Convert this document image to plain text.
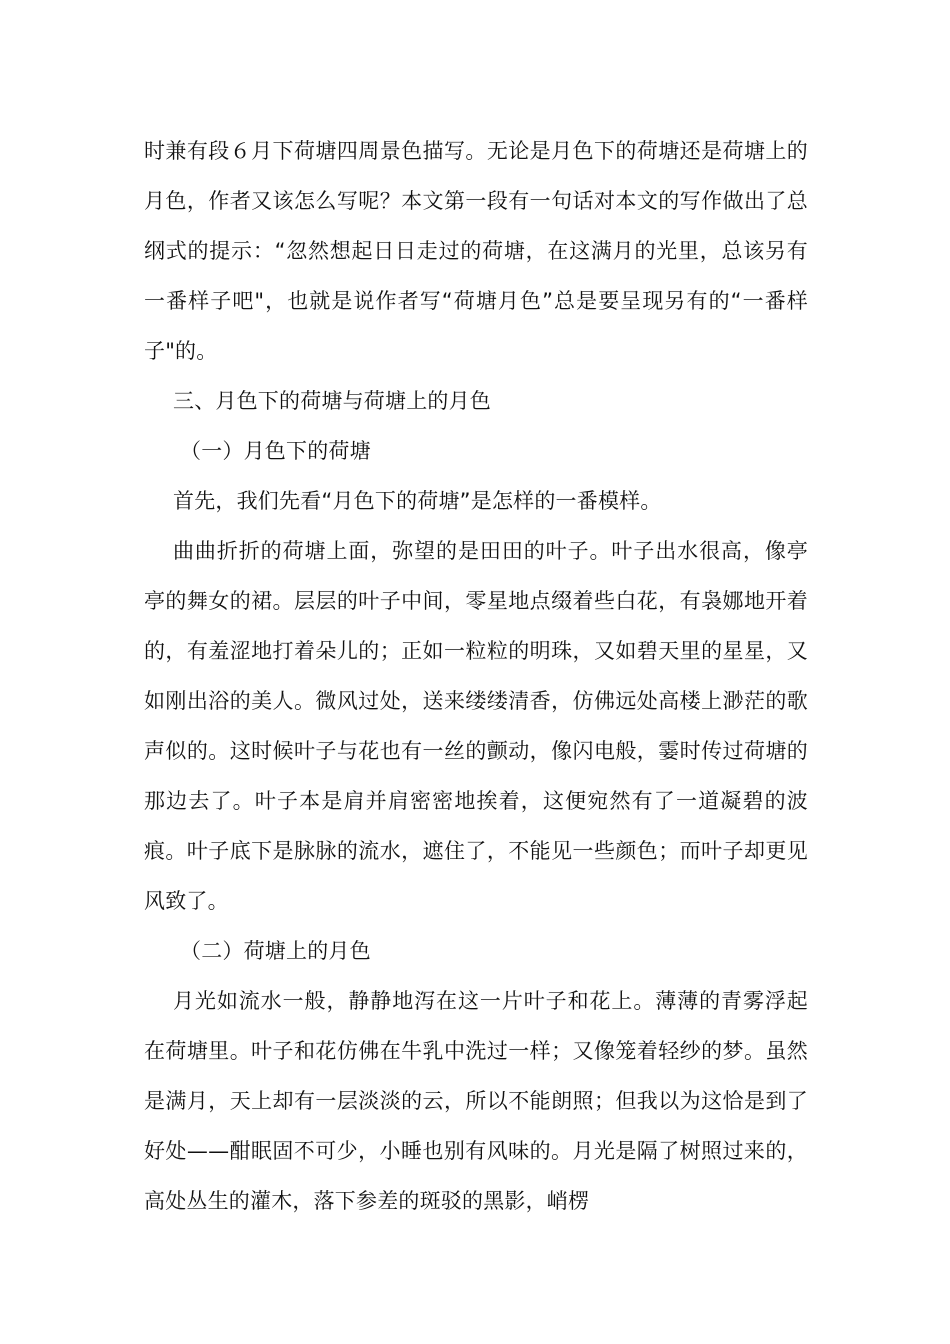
时兼有段６月下荷塘四周景色描写。无论是月色下的荷塘还是荷塘上的月色，作者又该怎么写呢？本文第一段有一句话对本文的写作做出了总纲式的提示：“忽然想起日日走过的荷塘，在这满月的光里，总该另有一番样子吧"，也就是说作者写“荷塘月色”总是要呈现另有的“一番样子"的。

三、月色下的荷塘与荷塘上的月色

（一）月色下的荷塘

首先，我们先看“月色下的荷塘”是怎样的一番模样。

曲曲折折的荷塘上面，弥望的是田田的叶子。叶子出水很高，像亭亭的舞女的裙。层层的叶子中间，零星地点缀着些白花，有袅娜地开着的，有羞涩地打着朵儿的；正如一粒粒的明珠，又如碧天里的星星，又如刚出浴的美人。微风过处，送来缕缕清香，仿佛远处高楼上渺茫的歌声似的。这时候叶子与花也有一丝的颤动，像闪电般，霎时传过荷塘的那边去了。叶子本是肩并肩密密地挨着，这便宛然有了一道凝碧的波痕。叶子底下是脉脉的流水，遮住了，不能见一些颜色；而叶子却更见风致了。

（二）荷塘上的月色

月光如流水一般，静静地泻在这一片叶子和花上。薄薄的青雾浮起在荷塘里。叶子和花仿佛在牛乳中洗过一样；又像笼着轻纱的梦。虽然是满月，天上却有一层淡淡的云，所以不能朗照；但我以为这恰是到了好处——酣眠固不可少，小睡也别有风味的。月光是隔了树照过来的，高处丛生的灌木，落下参差的斑驳的黑影，峭楞
